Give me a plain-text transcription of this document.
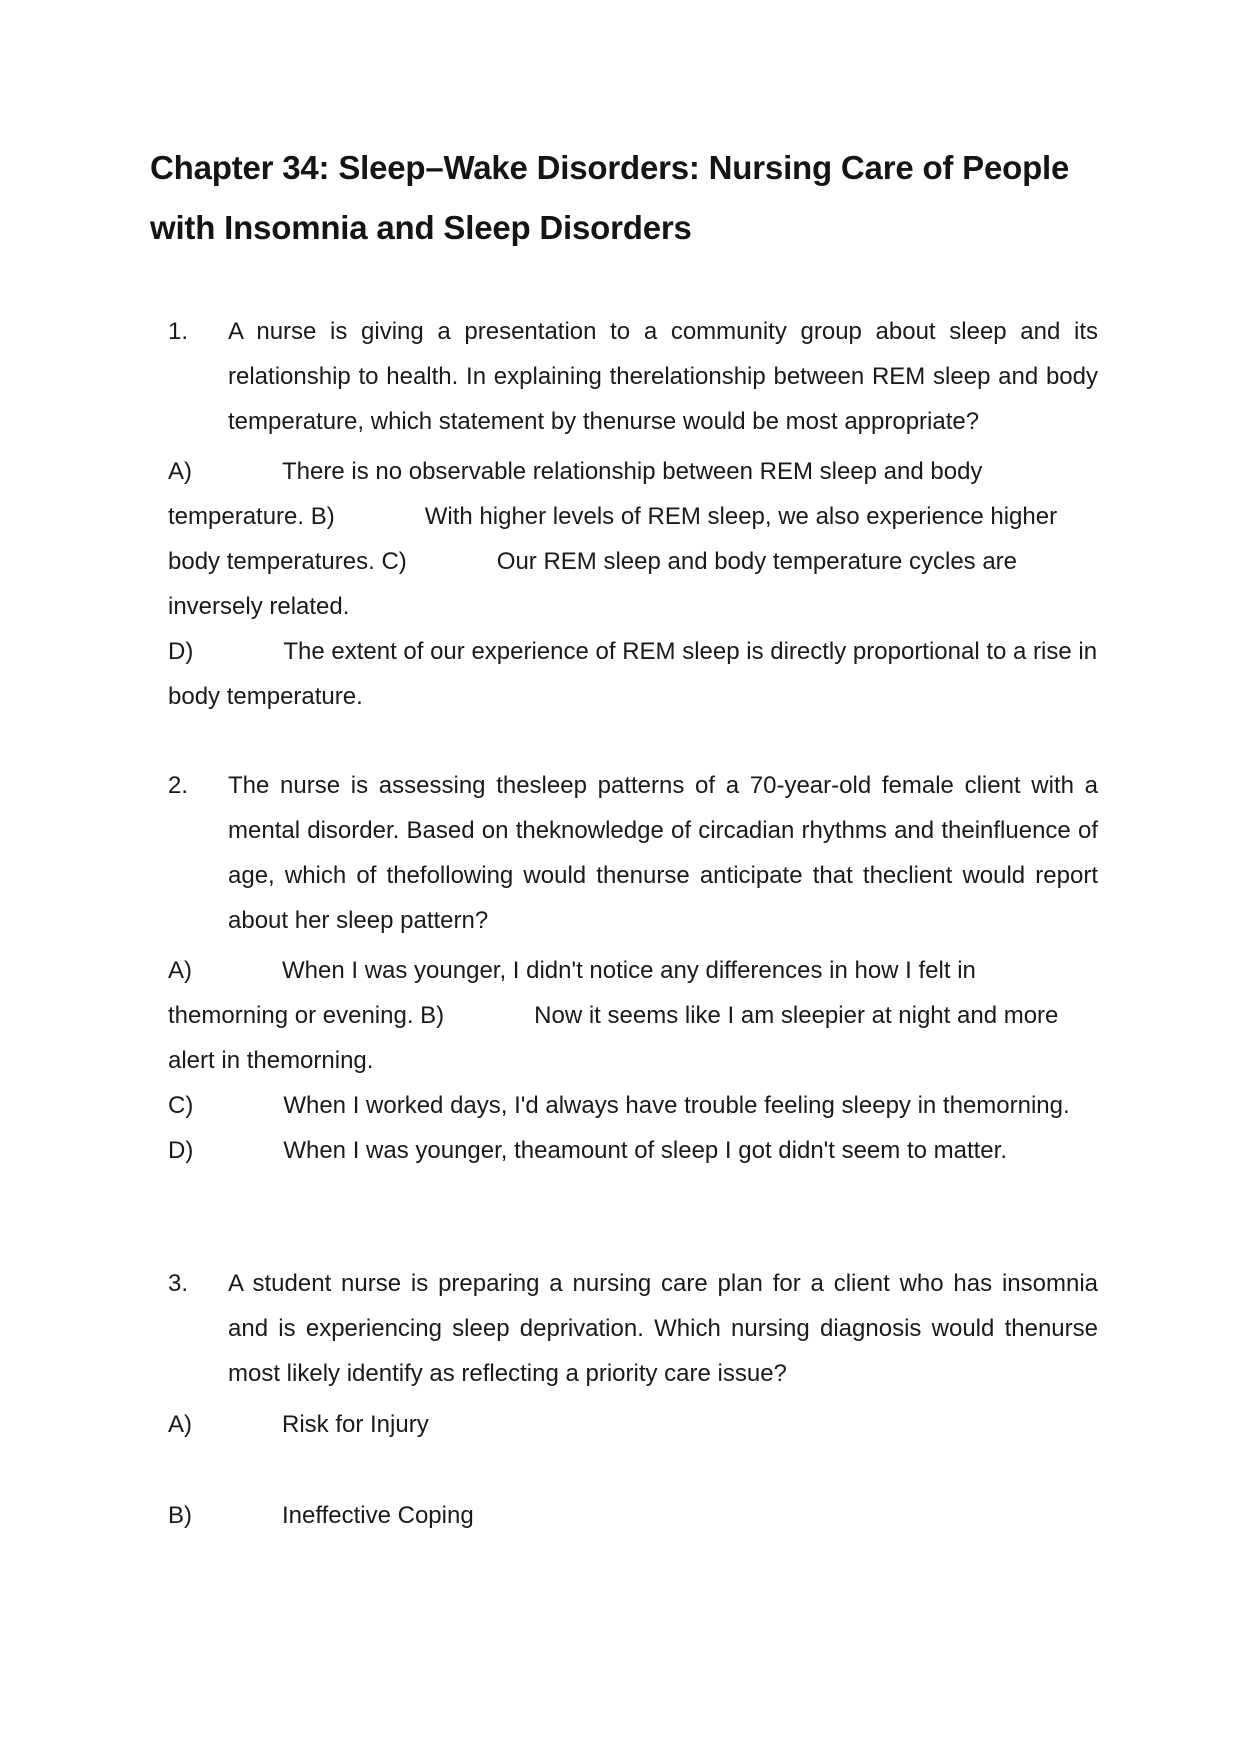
Chapter 34: Sleep–Wake Disorders: Nursing Care of People with Insomnia and Sleep Disorders
1. A nurse is giving a presentation to a community group about sleep and its relationship to health. In explaining therelationship between REM sleep and body temperature, which statement by thenurse would be most appropriate?
A)	There is no observable relationship between REM sleep and body temperature. B)	With higher levels of REM sleep, we also experience higher body temperatures. C)	Our REM sleep and body temperature cycles are inversely related.
D)	The extent of our experience of REM sleep is directly proportional to a rise in body temperature.
2. The nurse is assessing thesleep patterns of a 70-year-old female client with a mental disorder. Based on theknowledge of circadian rhythms and theinfluence of age, which of thefollowing would thenurse anticipate that theclient would report about her sleep pattern?
A)	When I was younger, I didn't notice any differences in how I felt in themorning or evening. B)	Now it seems like I am sleepier at night and more alert in themorning.
C)	When I worked days, I'd always have trouble feeling sleepy in themorning. D)	When I was younger, theamount of sleep I got didn't seem to matter.
3. A student nurse is preparing a nursing care plan for a client who has insomnia and is experiencing sleep deprivation. Which nursing diagnosis would thenurse most likely identify as reflecting a priority care issue?
A)	Risk for Injury
B)	Ineffective Coping
